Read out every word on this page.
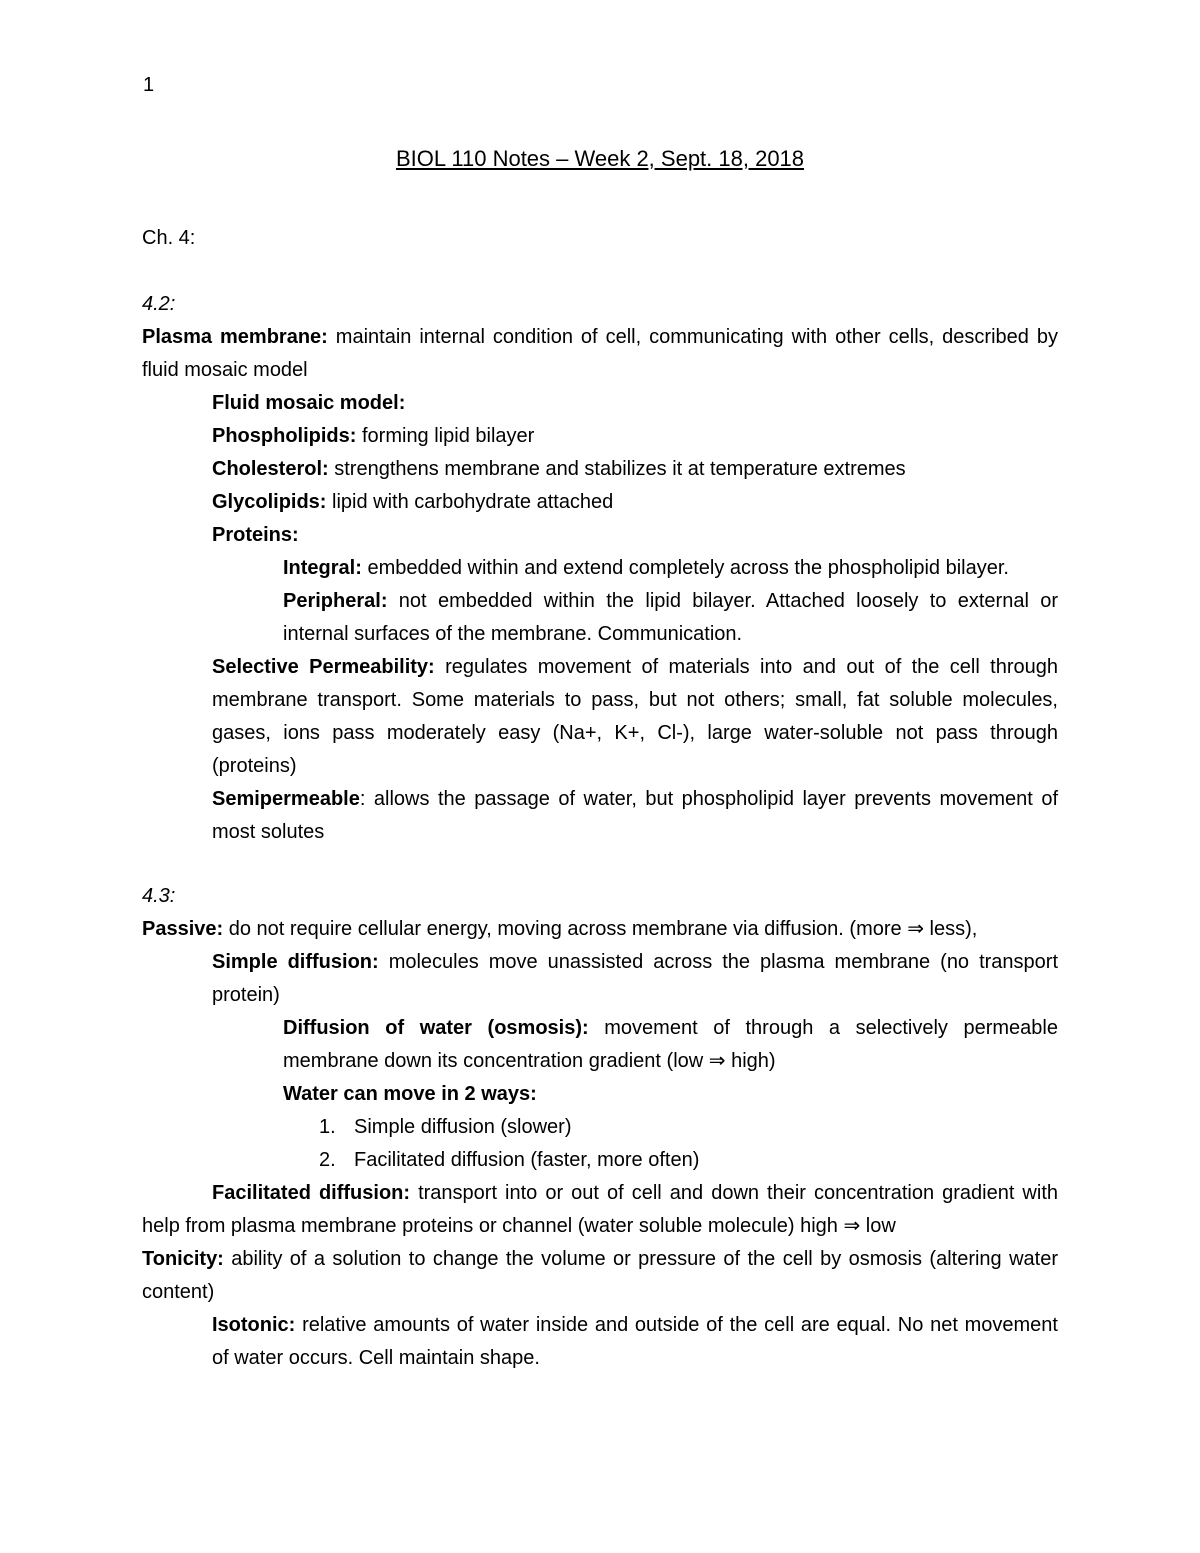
1
BIOL 110 Notes – Week 2, Sept. 18, 2018

Ch. 4:

4.2:

Plasma membrane: maintain internal condition of cell, communicating with other cells, described by fluid mosaic model

Fluid mosaic model:

Phospholipids: forming lipid bilayer

Cholesterol: strengthens membrane and stabilizes it at temperature extremes

Glycolipids: lipid with carbohydrate attached

Proteins:

Integral: embedded within and extend completely across the phospholipid bilayer.

Peripheral: not embedded within the lipid bilayer. Attached loosely to external or internal surfaces of the membrane. Communication.

Selective Permeability: regulates movement of materials into and out of the cell through membrane transport. Some materials to pass, but not others; small, fat soluble molecules, gases, ions pass moderately easy (Na+, K+, Cl-), large water-soluble not pass through (proteins)

Semipermeable: allows the passage of water, but phospholipid layer prevents movement of most solutes

4.3:

Passive: do not require cellular energy, moving across membrane via diffusion. (more ⇒ less),

Simple diffusion: molecules move unassisted across the plasma membrane (no transport protein)

Diffusion of water (osmosis): movement of through a selectively permeable membrane down its concentration gradient (low ⇒ high)

Water can move in 2 ways:

1. Simple diffusion (slower)

2. Facilitated diffusion (faster, more often)

Facilitated diffusion: transport into or out of cell and down their concentration gradient with help from plasma membrane proteins or channel (water soluble molecule) high ⇒ low

Tonicity: ability of a solution to change the volume or pressure of the cell by osmosis (altering water content)

Isotonic: relative amounts of water inside and outside of the cell are equal. No net movement of water occurs. Cell maintain shape.
